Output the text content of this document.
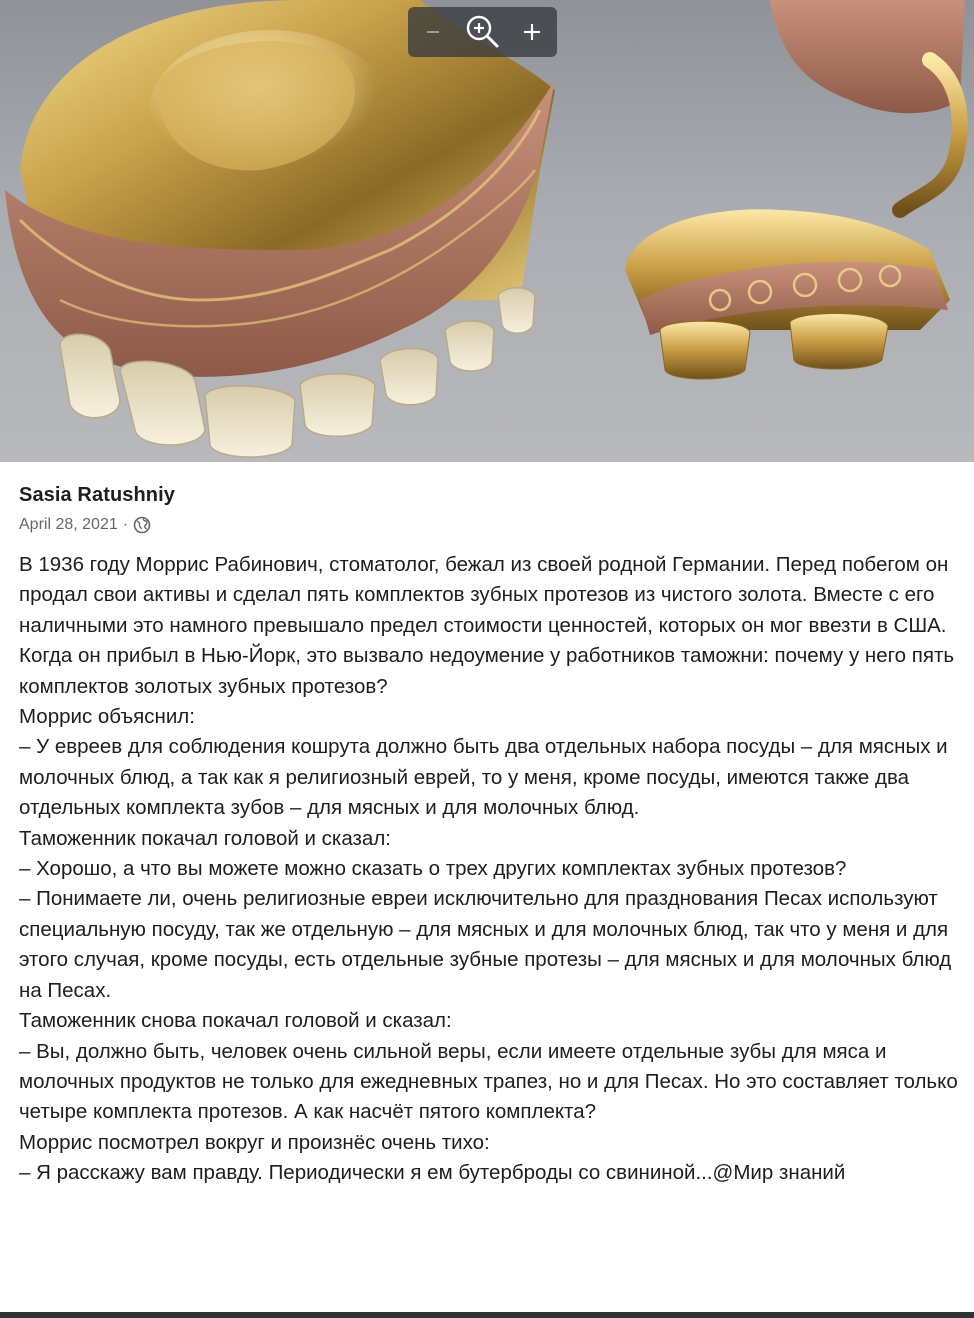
Sasia Ratushniy
April 28, 2021 ·

В 1936 году Моррис Рабинович, стоматолог, бежал из своей родной Германии. Перед побегом он продал свои активы и сделал пять комплектов зубных протезов из чистого золота. Вместе с его наличными это намного превышало предел стоимости ценностей, которых он мог ввезти в США.

Когда он прибыл в Нью-Йорк, это вызвало недоумение у работников таможни: почему у него пять комплектов золотых зубных протезов?

Моррис объяснил:

– У евреев для соблюдения кошрута должно быть два отдельных набора посуды – для мясных и молочных блюд, а так как я религиозный еврей, то у меня, кроме посуды, имеются также два отдельных комплекта зубов – для мясных и для молочных блюд.

Таможенник покачал головой и сказал:

– Хорошо, а что вы можете можно сказать о трех других комплектах зубных протезов?

– Понимаете ли, очень религиозные евреи исключительно для празднования Песах используют специальную посуду, так же отдельную – для мясных и для молочных блюд, так что у меня и для этого случая, кроме посуды, есть отдельные зубные протезы – для мясных и для молочных блюд на Песах.

Таможенник снова покачал головой и сказал:

– Вы, должно быть, человек очень сильной веры, если имеете отдельные зубы для мяса и молочных продуктов не только для ежедневных трапез, но и для Песах. Но это составляет только четыре комплекта протезов. А как насчёт пятого комплекта?

Моррис посмотрел вокруг и произнёс очень тихо:

– Я расскажу вам правду. Периодически я ем бутерброды со свининой...@Мир знаний
